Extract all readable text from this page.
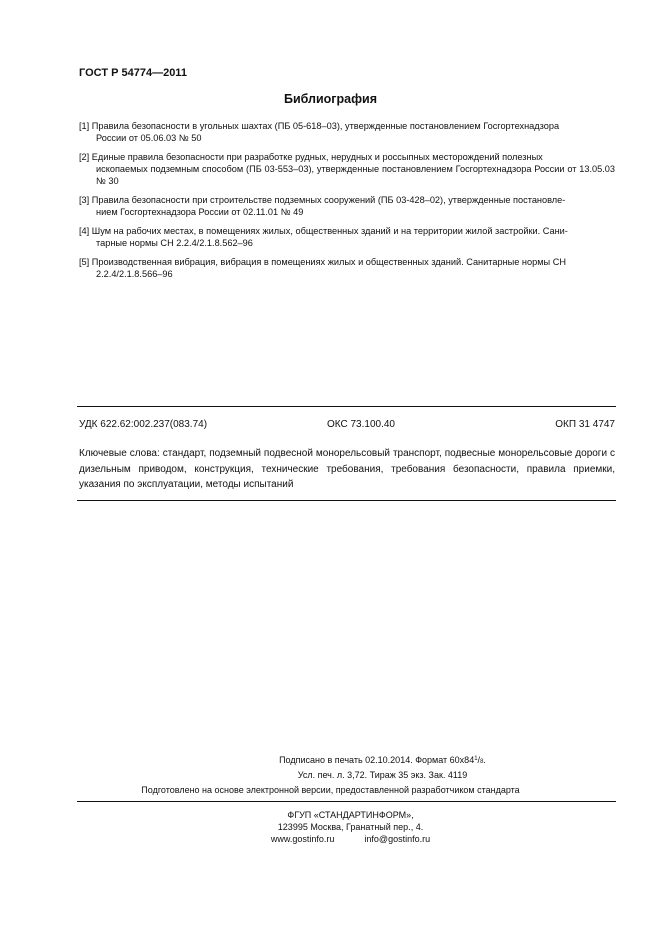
ГОСТ Р 54774—2011
Библиография
[1] Правила безопасности в угольных шахтах (ПБ 05-618–03), утвержденные постановлением Госгортехнадзора
России от 05.06.03 № 50
[2] Единые правила безопасности при разработке рудных, нерудных и россыпных месторождений полезных
ископаемых подземным способом (ПБ 03-553–03), утвержденные постановлением Госгортехнадзора России от 13.05.03 № 30
[3] Правила безопасности при строительстве подземных сооружений (ПБ 03-428–02), утвержденные постановле-
нием Госгортехнадзора России от 02.11.01 № 49
[4] Шум на рабочих местах, в помещениях жилых, общественных зданий и на территории жилой застройки. Сани-
тарные нормы СН 2.2.4/2.1.8.562–96
[5] Производственная вибрация, вибрация в помещениях жилых и общественных зданий. Санитарные нормы СН
2.2.4/2.1.8.566–96
УДК 622.62:002.237(083.74)	ОКС 73.100.40	ОКП 31 4747
Ключевые слова: стандарт, подземный подвесной монорельсовый транспорт, подвесные монорельсовые дороги с дизельным приводом, конструкция, технические требования, требования безопасности, правила приемки, указания по эксплуатации, методы испытаний
Подписано в печать 02.10.2014. Формат $60х84^1/8$.
Усл. печ. л. 3,72. Тираж 35 экз. Зак. 4119
Подготовлено на основе электронной версии, предоставленной разработчиком стандарта
ФГУП «СТАНДАРТИНФОРМ»,
123995 Москва, Гранатный пер., 4.
www.gostinfo.ru	info@gostinfo.ru
